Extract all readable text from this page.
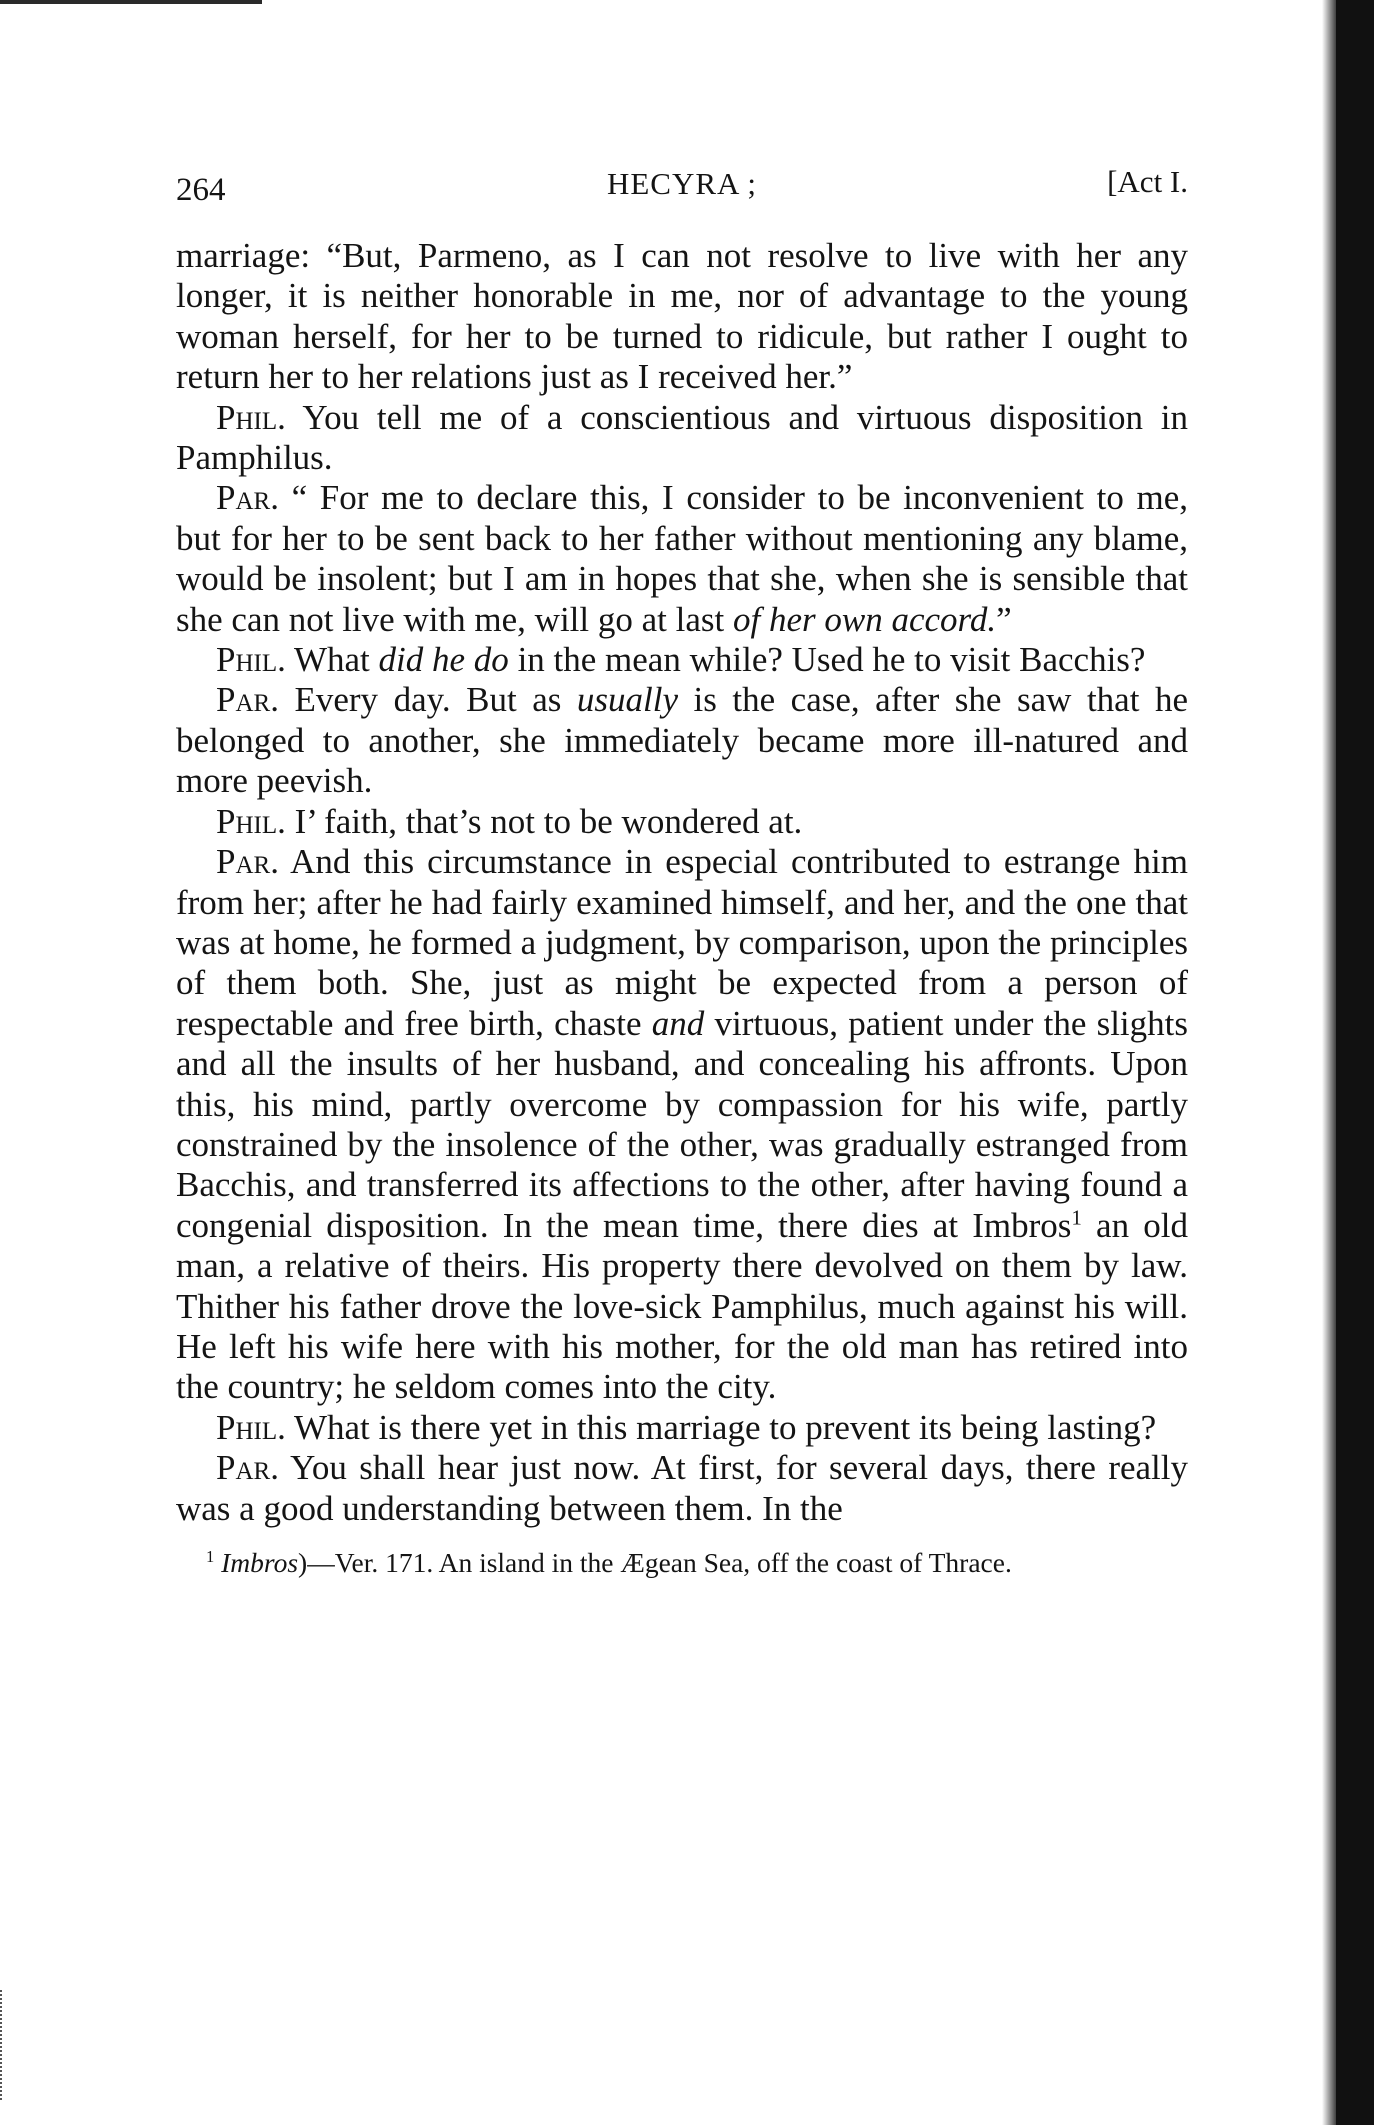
264	HECYRA ;	[Act I.

marriage: “But, Parmeno, as I can not resolve to live with her any longer, it is neither honorable in me, nor of advantage to the young woman herself, for her to be turned to ridicule, but rather I ought to return her to her relations just as I received her.”

Phil. You tell me of a conscientious and virtuous disposition in Pamphilus.

Par. “ For me to declare this, I consider to be inconvenient to me, but for her to be sent back to her father without mentioning any blame, would be insolent; but I am in hopes that she, when she is sensible that she can not live with me, will go at last of her own accord.”

Phil. What did he do in the mean while? Used he to visit Bacchis?

Par. Every day. But as usually is the case, after she saw that he belonged to another, she immediately became more ill-natured and more peevish.

Phil. I’ faith, that’s not to be wondered at.

Par. And this circumstance in especial contributed to estrange him from her; after he had fairly examined himself, and her, and the one that was at home, he formed a judgment, by comparison, upon the principles of them both. She, just as might be expected from a person of respectable and free birth, chaste and virtuous, patient under the slights and all the insults of her husband, and concealing his affronts. Upon this, his mind, partly overcome by compassion for his wife, partly constrained by the insolence of the other, was gradually estranged from Bacchis, and transferred its affections to the other, after having found a congenial disposition. In the mean time, there dies at Imbros$^1$ an old man, a relative of theirs. His property there devolved on them by law. Thither his father drove the love-sick Pamphilus, much against his will. He left his wife here with his mother, for the old man has retired into the country; he seldom comes into the city.

Phil. What is there yet in this marriage to prevent its being lasting?

Par. You shall hear just now. At first, for several days, there really was a good understanding between them. In the

$^1$ Imbros)—Ver. 171. An island in the Ægean Sea, off the coast of Thrace.
